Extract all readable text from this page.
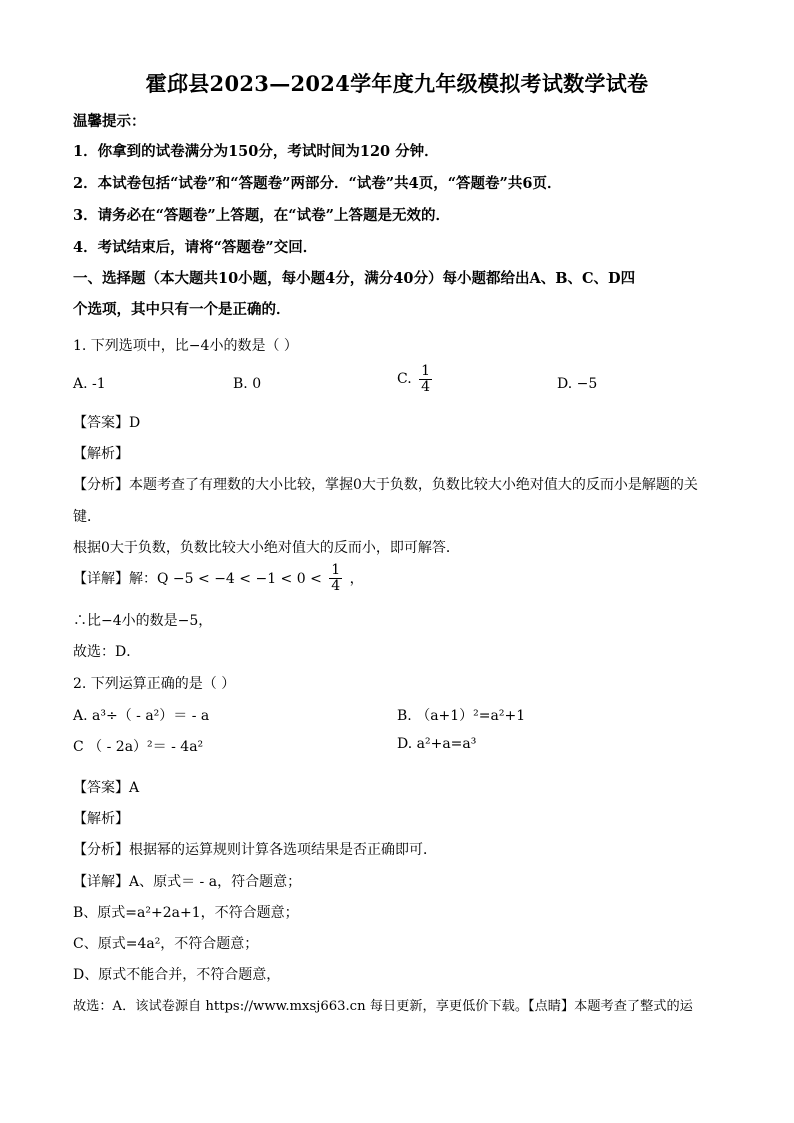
霍邱县2023—2024学年度九年级模拟考试数学试卷
温馨提示：
1．你拿到的试卷满分为150分，考试时间为120 分钟．
2．本试卷包括“试卷”和“答题卷”两部分．“试卷”共4页，“答题卷”共6页．
3．请务必在“答题卷”上答题，在“试卷”上答题是无效的．
4．考试结束后，请将“答题卷”交回．
一、选择题（本大题共10小题，每小题4分，满分40分）每小题都给出A、B、C、D四
个选项，其中只有一个是正确的．
1. 下列选项中，比−4小的数是（ ）
A. -1	B. 0	C. $\frac{1}{4}$	D. −5
【答案】D
【解析】
【分析】本题考查了有理数的大小比较，掌握0大于负数，负数比较大小绝对值大的反而小是解题的关
键．
根据0大于负数，负数比较大小绝对值大的反而小，即可解答．
【详解】解：$Q -5 < -4 < -1 < 0 < \frac{1}{4}$ ，
∴比−4小的数是−5，
故选：D．
2. 下列运算正确的是（ ）
A. a³÷（ - a²）＝ - a	B. （a+1）²=a²+1
C （ - 2a）²＝ - 4a²	D. a²+a=a³
【答案】A
【解析】
【分析】根据幂的运算规则计算各选项结果是否正确即可．
【详解】A、原式＝ - a，符合题意；
B、原式=a²+2a+1，不符合题意；
C、原式=4a²，不符合题意；
D、原式不能合并，不符合题意，
故选：A．该试卷源自 https://www.mxsj663.cn 每日更新，享更低价下载。【点睛】本题考查了整式的运
